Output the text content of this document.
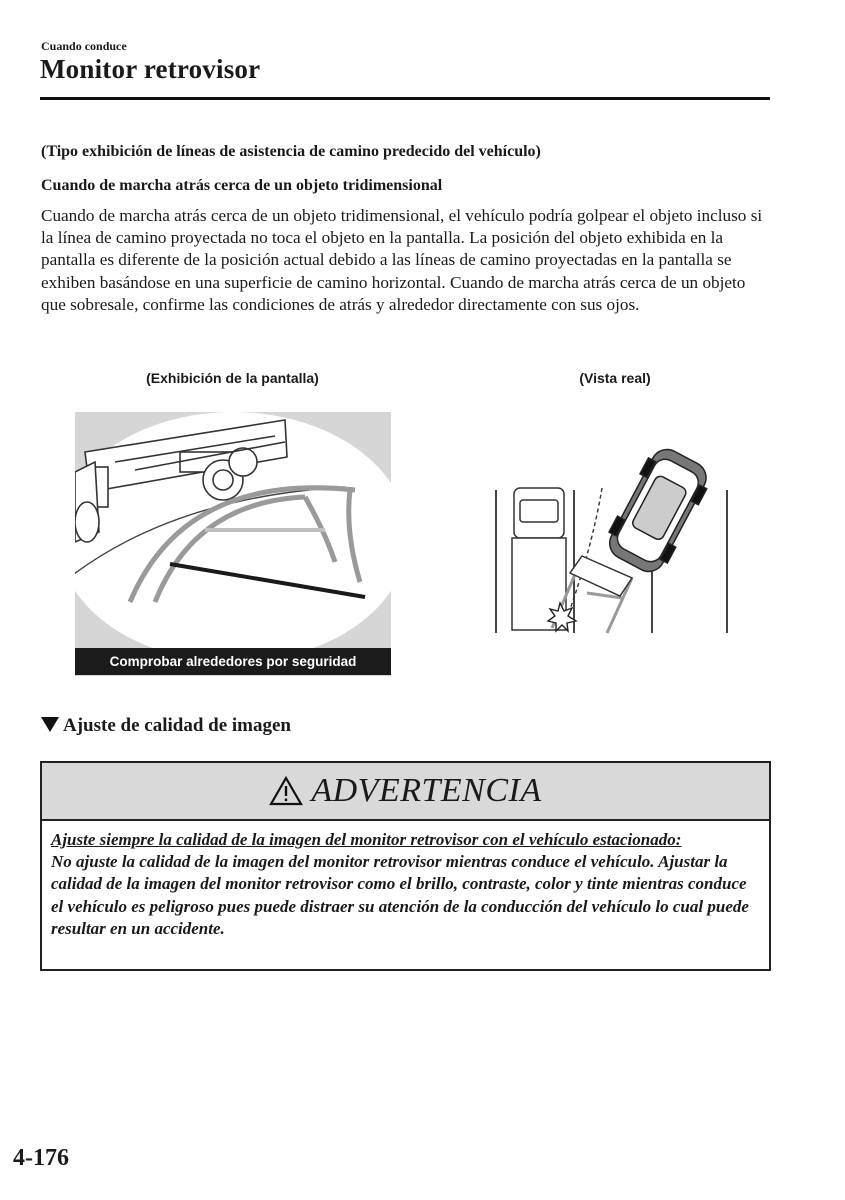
Cuando conduce
Monitor retrovisor
(Tipo exhibición de líneas de asistencia de camino predecido del vehículo)
Cuando de marcha atrás cerca de un objeto tridimensional
Cuando de marcha atrás cerca de un objeto tridimensional, el vehículo podría golpear el objeto incluso si la línea de camino proyectada no toca el objeto en la pantalla. La posición del objeto exhibida en la pantalla es diferente de la posición actual debido a las líneas de camino proyectadas en la pantalla se exhiben basándose en una superficie de camino horizontal. Cuando de marcha atrás cerca de un objeto que sobresale, confirme las condiciones de atrás y alrededor directamente con sus ojos.
(Exhibición de la pantalla)	(Vista real)
Comprobar alrededores por seguridad
Ajuste de calidad de imagen
ADVERTENCIA
Ajuste siempre la calidad de la imagen del monitor retrovisor con el vehículo estacionado:
No ajuste la calidad de la imagen del monitor retrovisor mientras conduce el vehículo. Ajustar la calidad de la imagen del monitor retrovisor como el brillo, contraste, color y tinte mientras conduce el vehículo es peligroso pues puede distraer su atención de la conducción del vehículo lo cual puede resultar en un accidente.
4-176
